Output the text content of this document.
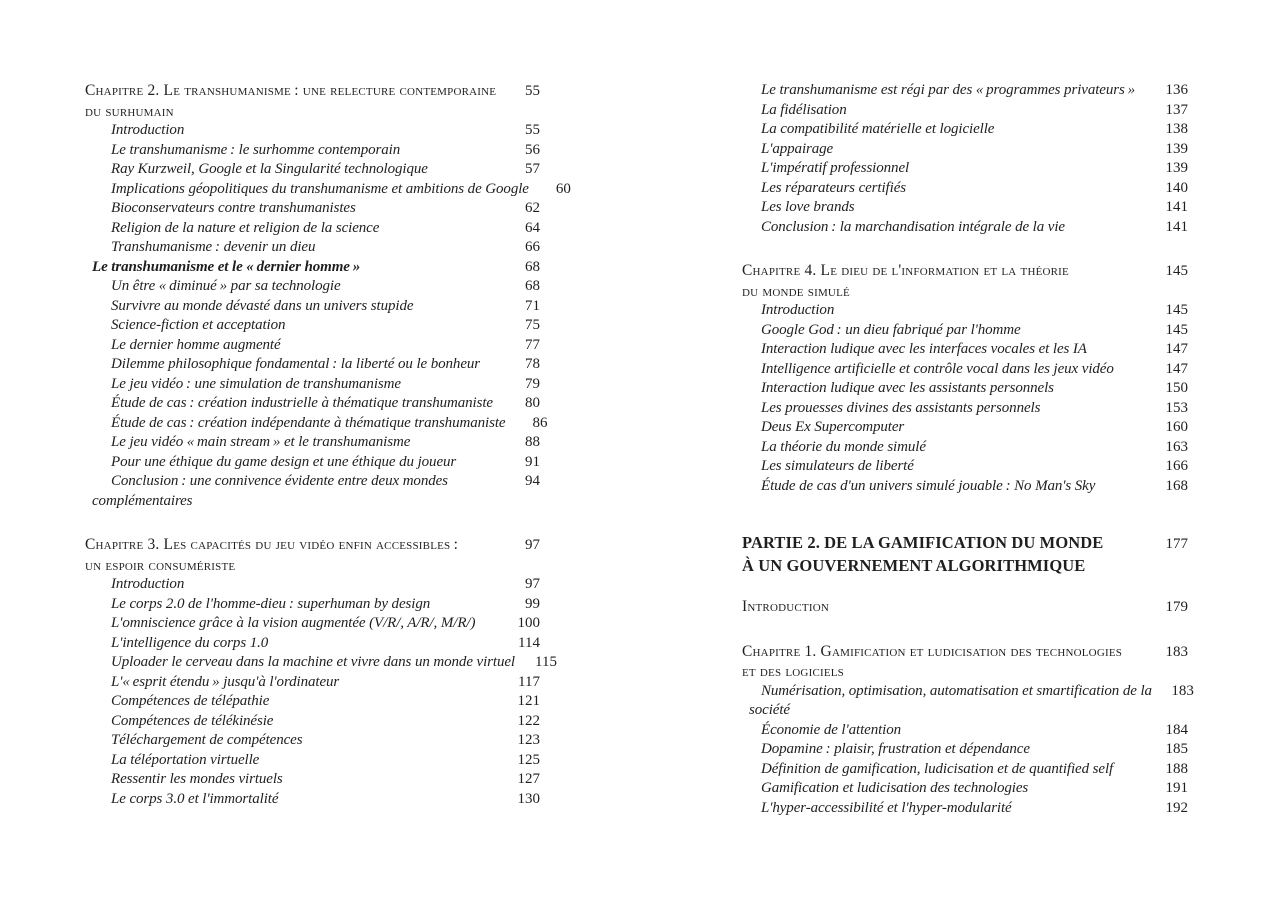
Chapitre 2. Le transhumanisme : une relecture contemporaine	55
du surhumain
Introduction	55
Le transhumanisme : le surhomme contemporain	56
Ray Kurzweil, Google et la Singularité technologique	57
Implications géopolitiques du transhumanisme et ambitions de Google	60
Bioconservateurs contre transhumanistes	62
Religion de la nature et religion de la science	64
Transhumanisme : devenir un dieu	66
Le transhumanisme et le « dernier homme »	68
Un être « diminué » par sa technologie	68
Survivre au monde dévasté dans un univers stupide	71
Science-fiction et acceptation	75
Le dernier homme augmenté	77
Dilemme philosophique fondamental : la liberté ou le bonheur	78
Le jeu vidéo : une simulation de transhumanisme	79
Étude de cas : création industrielle à thématique transhumaniste	80
Étude de cas : création indépendante à thématique transhumaniste	86
Le jeu vidéo « main stream » et le transhumanisme	88
Pour une éthique du game design et une éthique du joueur	91
Conclusion : une connivence évidente entre deux mondes	94
complémentaires
Chapitre 3. Les capacités du jeu vidéo enfin accessibles :	97
un espoir consumériste
Introduction	97
Le corps 2.0 de l'homme-dieu : superhuman by design	99
L'omniscience grâce à la vision augmentée (V/R/, A/R/, M/R/)	100
L'intelligence du corps 1.0	114
Uploader le cerveau dans la machine et vivre dans un monde virtuel	115
L'« esprit étendu » jusqu'à l'ordinateur	117
Compétences de télépathie	121
Compétences de télékinésie	122
Téléchargement de compétences	123
La téléportation virtuelle	125
Ressentir les mondes virtuels	127
Le corps 3.0 et l'immortalité	130
Le transhumanisme est régi par des « programmes privateurs »	136
La fidélisation	137
La compatibilité matérielle et logicielle	138
L'appairage	139
L'impératif professionnel	139
Les réparateurs certifiés	140
Les love brands	141
Conclusion : la marchandisation intégrale de la vie	141
Chapitre 4. Le dieu de l'information et la théorie	145
du monde simulé
Introduction	145
Google God : un dieu fabriqué par l'homme	145
Interaction ludique avec les interfaces vocales et les IA	147
Intelligence artificielle et contrôle vocal dans les jeux vidéo	147
Interaction ludique avec les assistants personnels	150
Les prouesses divines des assistants personnels	153
Deus Ex Supercomputer	160
La théorie du monde simulé	163
Les simulateurs de liberté	166
Étude de cas d'un univers simulé jouable : No Man's Sky	168
PARTIE 2. DE LA GAMIFICATION DU MONDE	177
À UN GOUVERNEMENT ALGORITHMIQUE
Introduction	179
Chapitre 1. Gamification et ludicisation des technologies	183
et des logiciels
Numérisation, optimisation, automatisation et smartification de la	183
société
Économie de l'attention	184
Dopamine : plaisir, frustration et dépendance	185
Définition de gamification, ludicisation et de quantified self	188
Gamification et ludicisation des technologies	191
L'hyper-accessibilité et l'hyper-modularité	192
